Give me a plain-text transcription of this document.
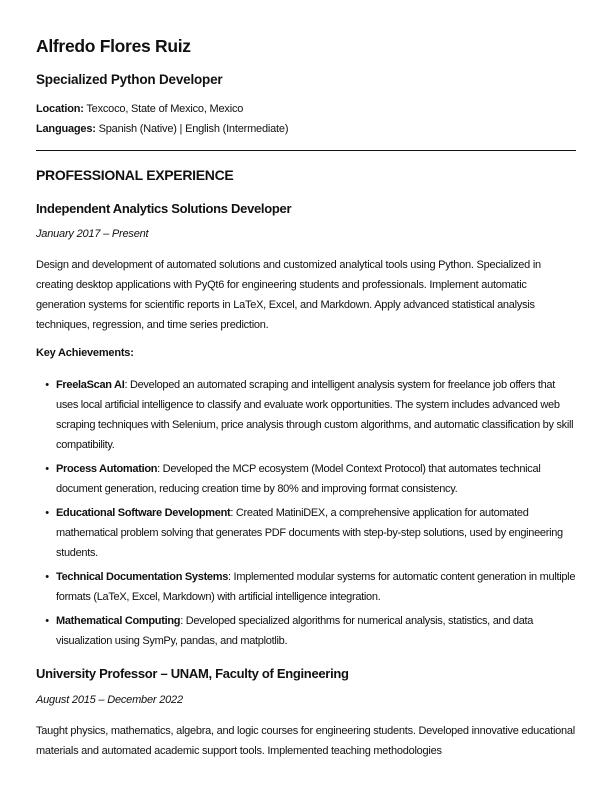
Alfredo Flores Ruiz
Specialized Python Developer
Location: Texcoco, State of Mexico, Mexico
Languages: Spanish (Native) | English (Intermediate)
PROFESSIONAL EXPERIENCE
Independent Analytics Solutions Developer
January 2017 – Present
Design and development of automated solutions and customized analytical tools using Python. Specialized in creating desktop applications with PyQt6 for engineering students and professionals. Implement automatic generation systems for scientific reports in LaTeX, Excel, and Markdown. Apply advanced statistical analysis techniques, regression, and time series prediction.
Key Achievements:
• FreelaScan AI: Developed an automated scraping and intelligent analysis system for freelance job offers that uses local artificial intelligence to classify and evaluate work opportunities. The system includes advanced web scraping techniques with Selenium, price analysis through custom algorithms, and automatic classification by skill compatibility.
• Process Automation: Developed the MCP ecosystem (Model Context Protocol) that automates technical document generation, reducing creation time by 80% and improving format consistency.
• Educational Software Development: Created MatiniDEX, a comprehensive application for automated mathematical problem solving that generates PDF documents with step-by-step solutions, used by engineering students.
• Technical Documentation Systems: Implemented modular systems for automatic content generation in multiple formats (LaTeX, Excel, Markdown) with artificial intelligence integration.
• Mathematical Computing: Developed specialized algorithms for numerical analysis, statistics, and data visualization using SymPy, pandas, and matplotlib.
University Professor – UNAM, Faculty of Engineering
August 2015 – December 2022
Taught physics, mathematics, algebra, and logic courses for engineering students. Developed innovative educational materials and automated academic support tools. Implemented teaching methodologies
